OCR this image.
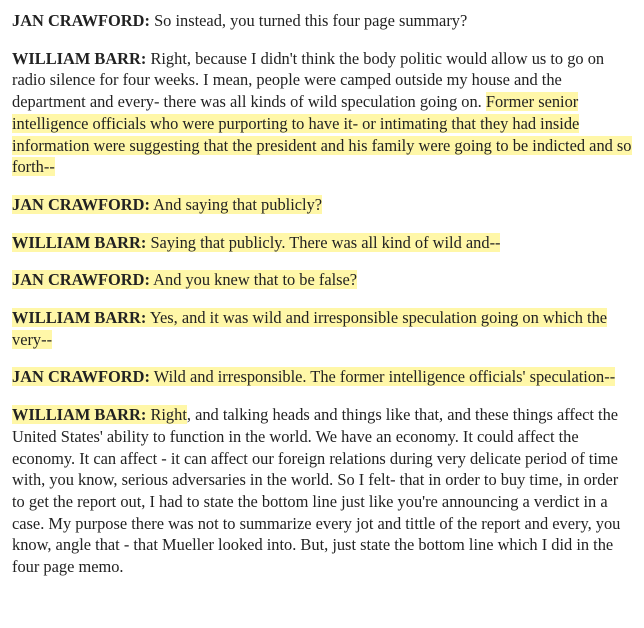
JAN CRAWFORD: So instead, you turned this four page summary?

WILLIAM BARR: Right, because I didn't think the body politic would allow us to go on radio silence for four weeks. I mean, people were camped outside my house and the department and every- there was all kinds of wild speculation going on. Former senior intelligence officials who were purporting to have it- or intimating that they had inside information were suggesting that the president and his family were going to be indicted and so forth--

JAN CRAWFORD: And saying that publicly?

WILLIAM BARR: Saying that publicly. There was all kind of wild and--

JAN CRAWFORD: And you knew that to be false?

WILLIAM BARR: Yes, and it was wild and irresponsible speculation going on which the very--

JAN CRAWFORD: Wild and irresponsible. The former intelligence officials' speculation--

WILLIAM BARR: Right, and talking heads and things like that, and these things affect the United States' ability to function in the world. We have an economy. It could affect the economy. It can affect - it can affect our foreign relations during very delicate period of time with, you know, serious adversaries in the world. So I felt- that in order to buy time, in order to get the report out, I had to state the bottom line just like you're announcing a verdict in a case. My purpose there was not to summarize every jot and tittle of the report and every, you know, angle that - that Mueller looked into. But, just state the bottom line which I did in the four page memo.
